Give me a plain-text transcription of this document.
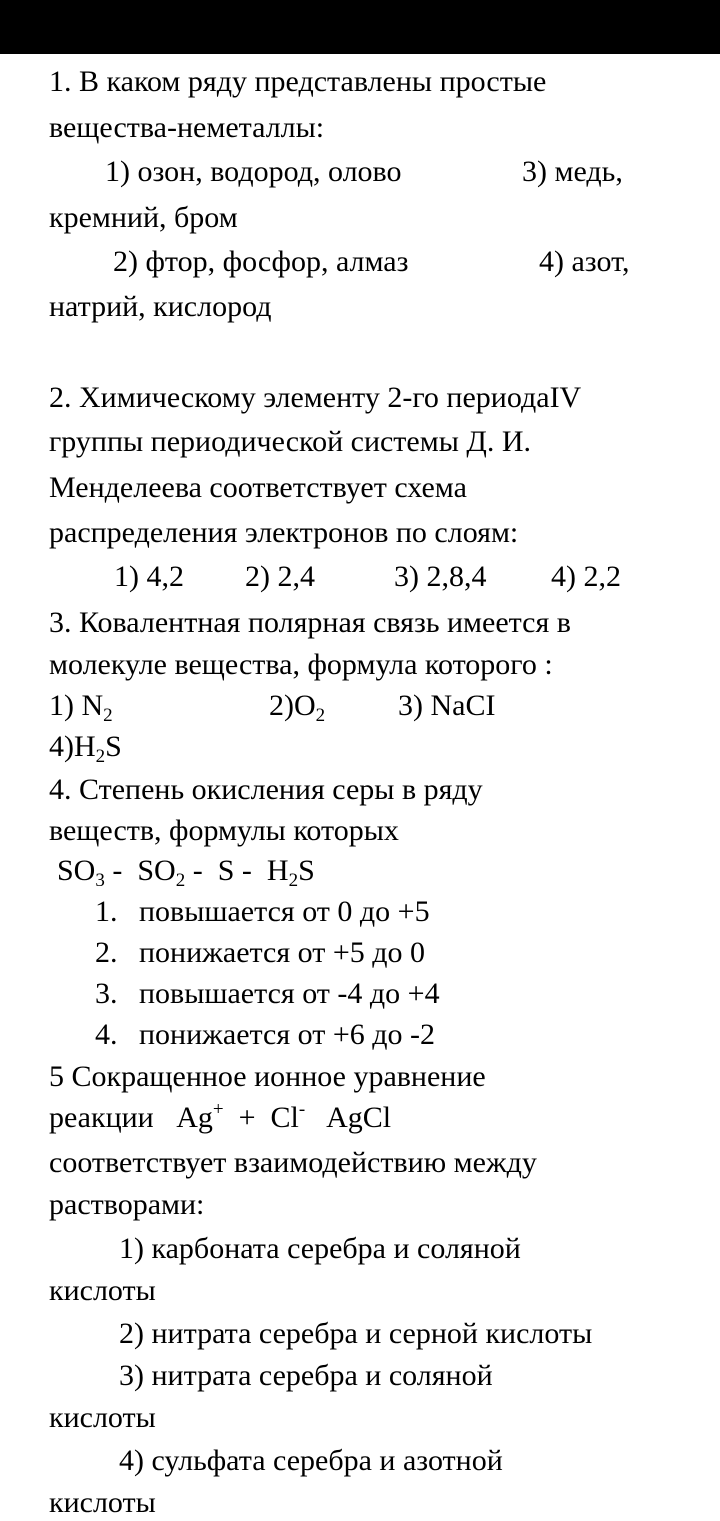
1. В каком ряду представлены простые

вещества-неметаллы:

1) озон, водород, олово	3) медь,

кремний, бром

2) фтор, фосфор, алмаз	4) азот,

натрий, кислород

2. Химическому элементу 2-го периодаIV

группы периодической системы Д. И.

Менделеева соответствует схема

распределения электронов по слоям:

1) 4,2 2) 2,4	3) 2,8,4 4) 2,2

3. Ковалентная полярная связь имеется в

молекуле вещества, формула которого :

1) $N_2$	$2)O_2$ 3) NaCI

$4)H_2S$

4. Степень окисления серы в ряду

веществ, формулы которых

$SO_3 - SO_2$ -  S -  $H_2S$

1. повышается от 0 до +5

2. понижается от +5 до 0

3. повышается от -4 до +4

4. понижается от +6 до -2

5 Сокращенное ионное уравнение

реакции   Ag+  +  Cl-   AgCl

соответствует взаимодействию между

растворами:

1) карбоната серебра и соляной

кислоты

2) нитрата серебра и серной кислоты

3) нитрата серебра и соляной

кислоты

4) сульфата серебра и азотной

кислоты
